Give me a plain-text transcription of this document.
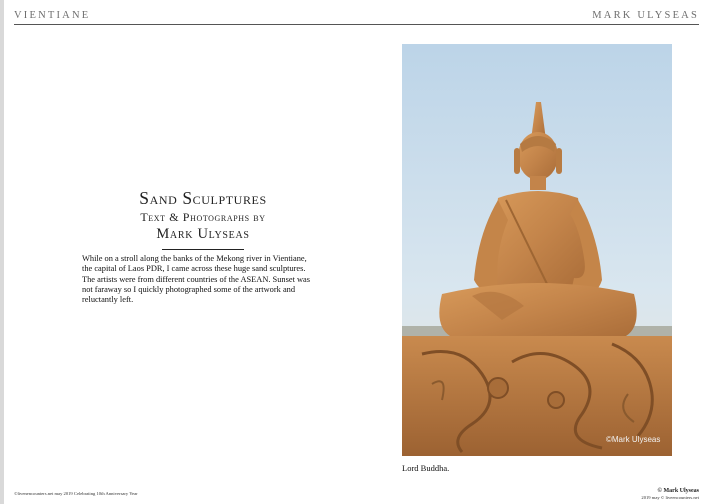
VIENTIANE	MARK ULYSEAS
Sand Sculptures
Text & Photographs by
Mark Ulyseas

While on a stroll along the banks of the Mekong river in Vientiane, the capital of Laos PDR, I came across these huge sand sculptures. The artists were from different countries of the ASEAN. Sunset was not faraway so I quickly photographed some of the artwork and reluctantly left.

©Mark Ulyseas
Lord Buddha.
©livenencounters.net may 2019 Celebrating 10th Anniversary Year	© Mark Ulyseas
2019 may © liveencounters.net
